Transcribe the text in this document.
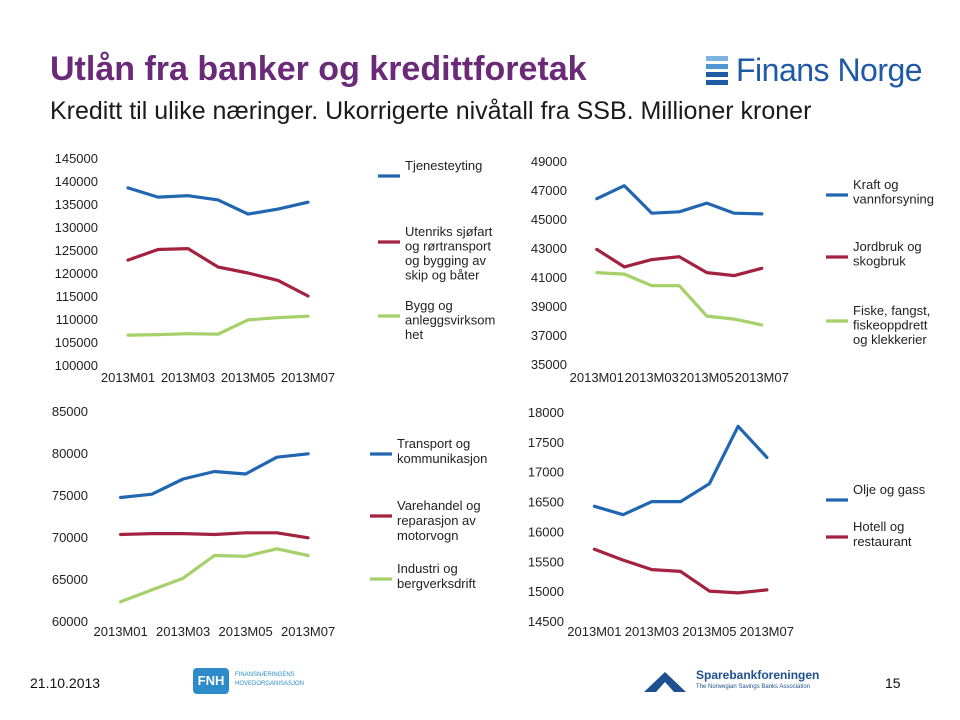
Utlån fra banker og kredittforetak
Kreditt til ulike næringer. Ukorrigerte nivåtall fra SSB. Millioner kroner
Finans Norge
100000
105000
110000
115000
120000
125000
130000
135000
140000
145000
2013M01 2013M03 2013M05 2013M07
Tjenesteyting
Utenriks sjøfart og rørtransport og bygging av skip og båter
Bygg og anleggsvirksom het
35000
37000
39000
41000
43000
45000
47000
49000
2013M01 2013M03 2013M05 2013M07
Kraft og vannforsyning
Jordbruk og skogbruk
Fiske, fangst, fiskeoppdrett og klekkerier
60000
65000
70000
75000
80000
85000
2013M01 2013M03 2013M05 2013M07
Transport og kommunikasjon
Varehandel og reparasjon av motorvogn
Industri og bergverksdrift
14500
15000
15500
16000
16500
17000
17500
18000
2013M01 2013M03 2013M05 2013M07
Olje og gass
Hotell og restaurant
21.10.2013	FNH	FINANSNÆRINGENS HOVEDORGANISASJON
Sparebankforeningen
The Norwegian Savings Banks Association	15
